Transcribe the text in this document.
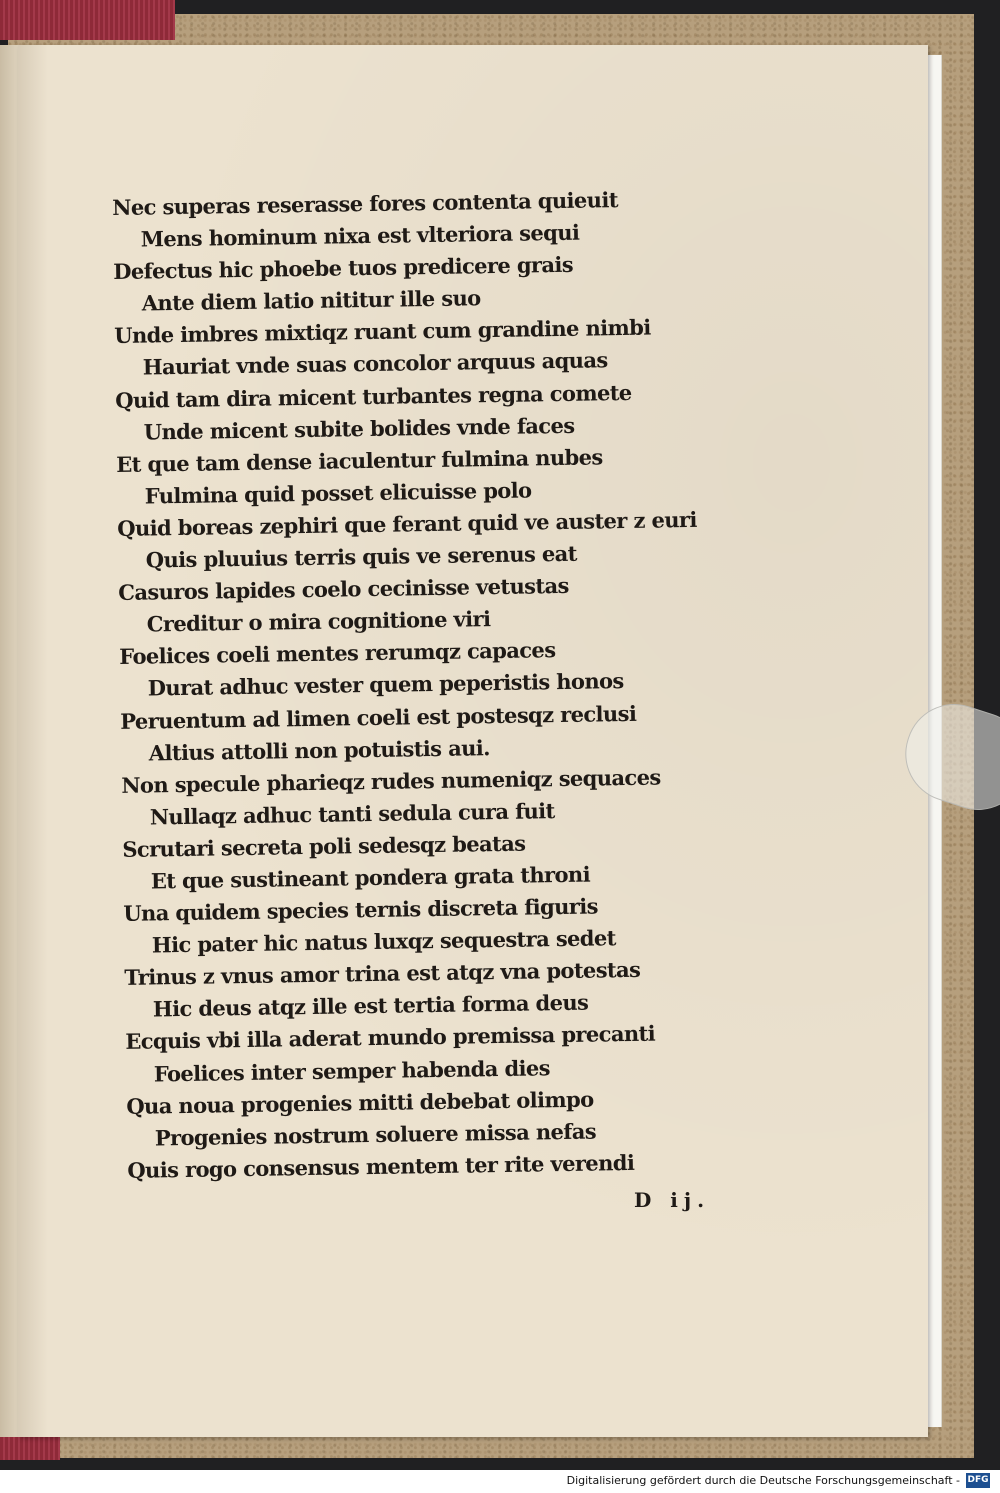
Nec superas reserasse fores contenta quieuit
Mens hominum nixa est vlteriora sequi
Defectus hic phoebe tuos predicere grais
Ante diem latio nititur ille suo
Unde imbres mixtiqz ruant cum grandine nimbi
Hauriat vnde suas concolor arquus aquas
Quid tam dira micent turbantes regna comete
Unde micent subite bolides vnde faces
Et que tam dense iaculentur fulmina nubes
Fulmina quid posset elicuisse polo
Quid boreas zephiri que ferant quid ve auster z euri
Quis pluuius terris quis ve serenus eat
Casuros lapides coelo cecinisse vetustas
Creditur o mira cognitione viri
Foelices coeli mentes rerumqz capaces
Durat adhuc vester quem peperistis honos
Peruentum ad limen coeli est postesqz reclusi
Altius attolli non potuistis aui.
Non specule pharieqz rudes numeniqz sequaces
Nullaqz adhuc tanti sedula cura fuit
Scrutari secreta poli sedesqz beatas
Et que sustineant pondera grata throni
Una quidem species ternis discreta figuris
Hic pater hic natus luxqz sequestra sedet
Trinus z vnus amor trina est atqz vna potestas
Hic deus atqz ille est tertia forma deus
Ecquis vbi illa aderat mundo premissa precanti
Foelices inter semper habenda dies
Qua noua progenies mitti debebat olimpo
Progenies nostrum soluere missa nefas
Quis rogo consensus mentem ter rite verendi
D ij.
Digitalisierung gefördert durch die Deutsche Forschungsgemeinschaft - DFG
